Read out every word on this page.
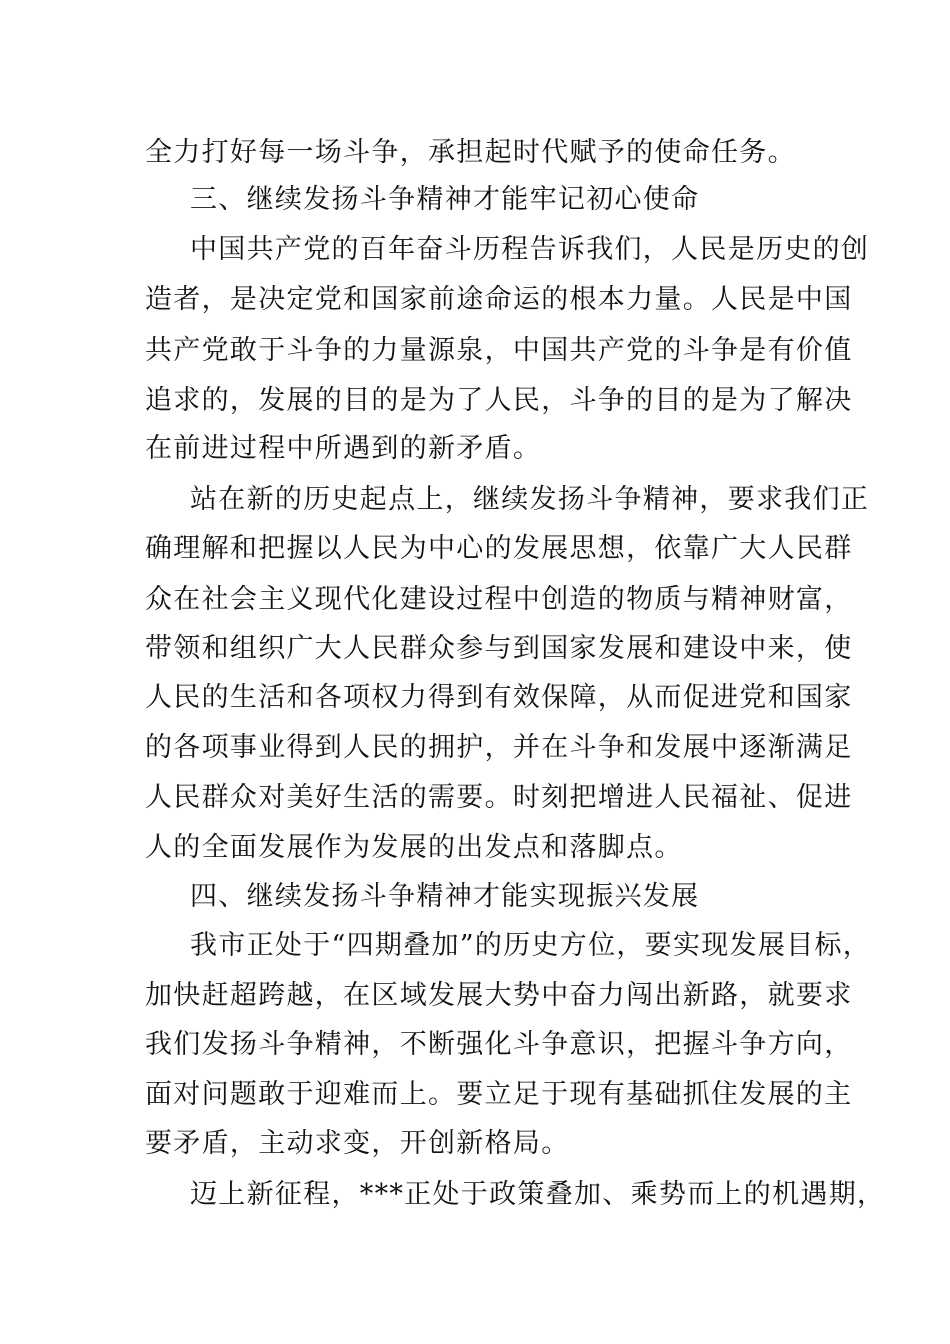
全力打好每一场斗争，承担起时代赋予的使命任务。
三、继续发扬斗争精神才能牢记初心使命
中国共产党的百年奋斗历程告诉我们，人民是历史的创
造者，是决定党和国家前途命运的根本力量。人民是中国
共产党敢于斗争的力量源泉，中国共产党的斗争是有价值
追求的，发展的目的是为了人民，斗争的目的是为了解决
在前进过程中所遇到的新矛盾。
站在新的历史起点上，继续发扬斗争精神，要求我们正
确理解和把握以人民为中心的发展思想，依靠广大人民群
众在社会主义现代化建设过程中创造的物质与精神财富，
带领和组织广大人民群众参与到国家发展和建设中来，使
人民的生活和各项权力得到有效保障，从而促进党和国家
的各项事业得到人民的拥护，并在斗争和发展中逐渐满足
人民群众对美好生活的需要。时刻把增进人民福祉、促进
人的全面发展作为发展的出发点和落脚点。
四、继续发扬斗争精神才能实现振兴发展
我市正处于“四期叠加”的历史方位，要实现发展目标，
加快赶超跨越，在区域发展大势中奋力闯出新路，就要求
我们发扬斗争精神，不断强化斗争意识，把握斗争方向，
面对问题敢于迎难而上。要立足于现有基础抓住发展的主
要矛盾，主动求变，开创新格局。
迈上新征程，***正处于政策叠加、乘势而上的机遇期，
